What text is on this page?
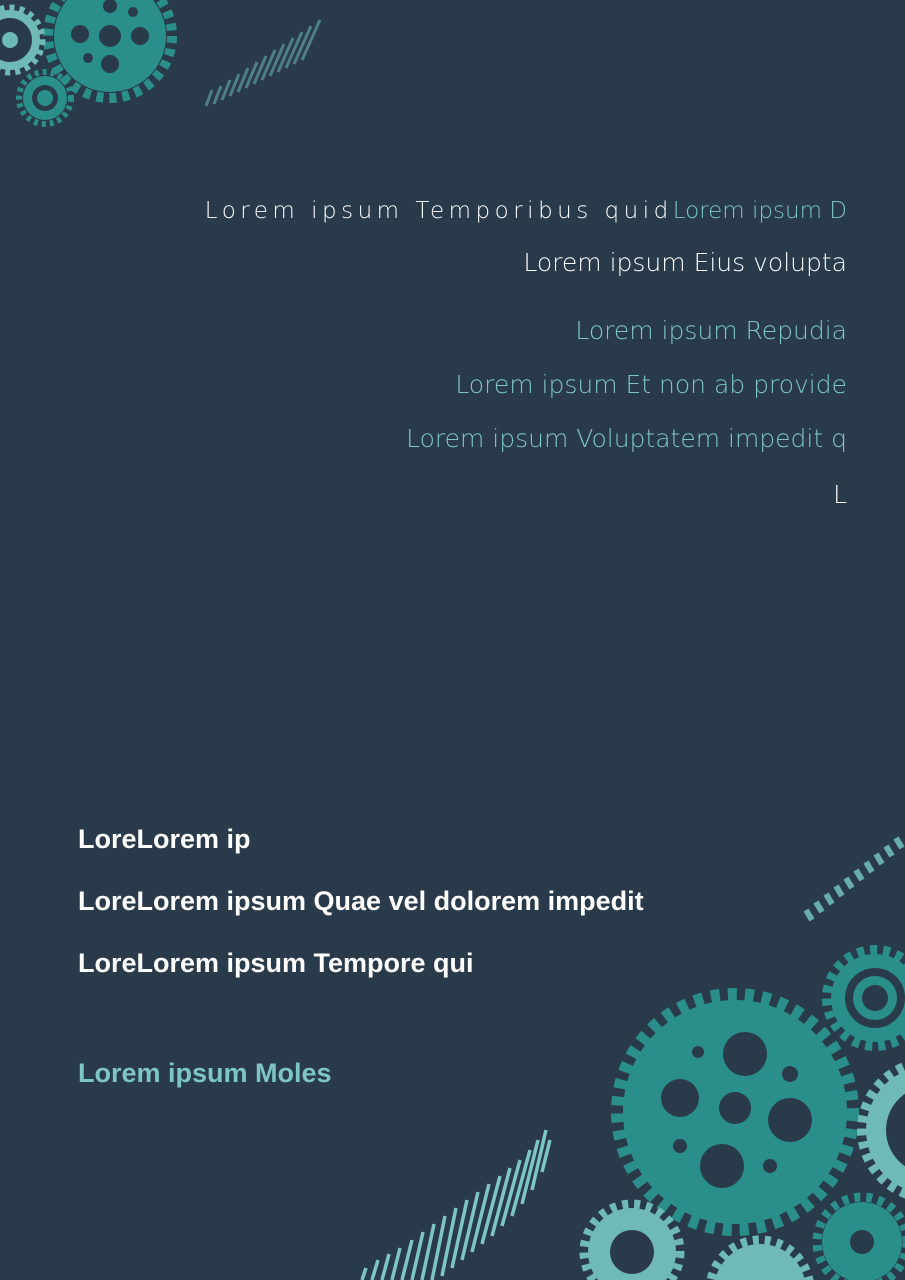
Lorem ipsum Temporibus quidLorem ipsum D
Lorem ipsum Eius volupta
Lorem ipsum Repudia
Lorem ipsum Et non ab provide
Lorem ipsum Voluptatem impedit q
L
LoreLorem ip
LoreLorem ipsum Quae vel dolorem impedit
LoreLorem ipsum Tempore qui
Lorem ipsum Moles
